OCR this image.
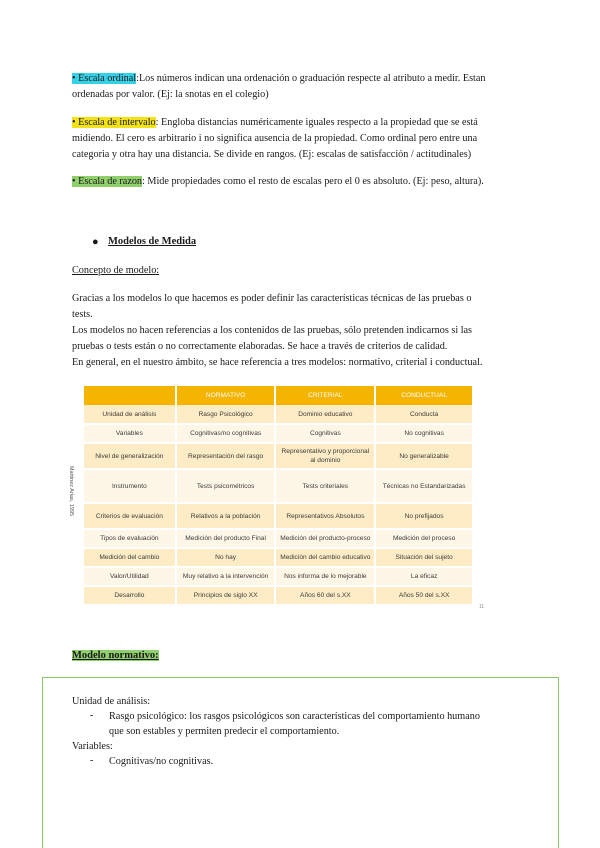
• Escala ordinal:Los números indican una ordenación o graduación respecte al atributo a medir. Estan
ordenadas por valor. (Ej: la snotas en el colegio)
• Escala de intervalo: Engloba distancias numéricamente iguales respecto a la propiedad que se está
midiendo. El cero es arbitrario i no significa ausencia de la propiedad. Como ordinal pero entre una
categoria y otra hay una distancia. Se divide en rangos. (Ej: escalas de satisfacción / actitudinales)
• Escala de razon: Mide propiedades como el resto de escalas pero el 0 es absoluto. (Ej: peso, altura).
● Modelos de Medida
Concepto de modelo:
Gracias a los modelos lo que hacemos es poder definir las características técnicas de las pruebas o
tests.
Los modelos no hacen referencias a los contenidos de las pruebas, sólo pretenden indicarnos si las
pruebas o tests están o no correctamente elaboradas. Se hace a través de criterios de calidad.
En general, en el nuestro ámbito, se hace referencia a tres modelos: normativo, criterial i conductual.
Martinez Arias, 1995
	NORMATIVO	CRITERIAL	CONDUCTUAL
Unidad de análisis	Rasgo Psicológico	Dominio educativo	Conducta
Variables	Cognitivas/no cognitivas	Cognitivas	No cognitivas
Nivel de generalización	Representación del rasgo	Representativo y proporcional al dominio	No generalizable
Instrumento	Tests psicométricos	Tests criteriales	Técnicas no Estandarizadas
Criterios de evaluación	Relativos a la población	Representativos Absolutos	No prefijados
Tipos de evaluación	Medición del producto Final	Medición del producto-proceso	Medición del proceso
Medición del cambio	No hay	Medición del cambio educativo	Situación del sujeto
Valor/Utilidad	Muy relativo a la intervención	Nos informa de lo mejorable	La eficaz
Desarrollo	Principios de siglo XX	Años 60 del s.XX	Años 50 del s.XX
11
Modelo normativo:
Unidad de análisis:
- Rasgo psicológico: los rasgos psicológicos son características del comportamiento humano
que son estables y permiten predecir el comportamiento.
Variables:
- Cognitivas/no cognitivas.
